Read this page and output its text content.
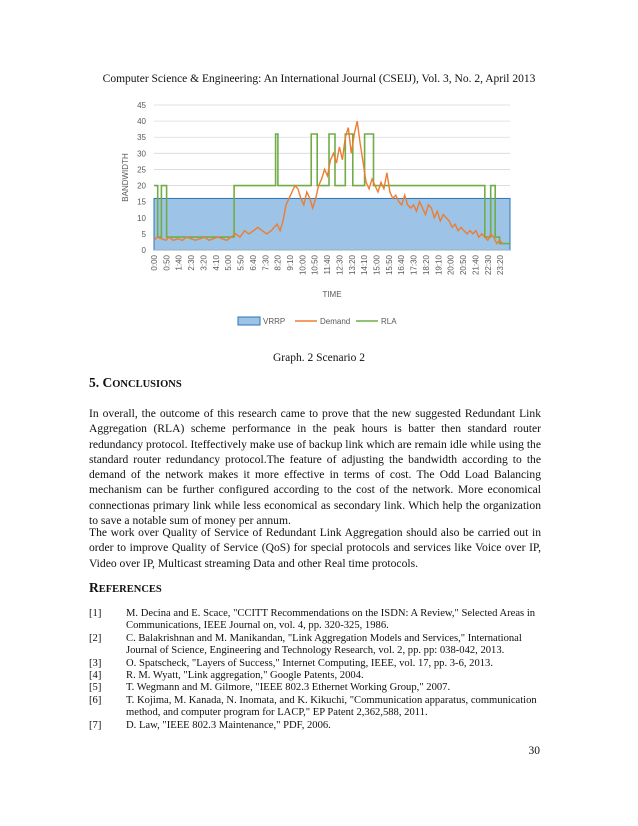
Computer Science & Engineering: An International Journal (CSEIJ), Vol. 3, No. 2, April 2013
0
5
10
15
20
25
30
35
40
45
BANDWIDTH
0:00 0:50 1:40 2:30 3:20 4:10 5:00 5:50 6:40 7:30 8:20 9:10 10:00 10:50 11:40 12:30 13:20 14:10 15:00 15:50 16:40 17:30 18:20 19:10 20:00 20:50 21:40 22:30 23:20
TIME
VRRP	Demand	RLA
Graph. 2 Scenario 2
5. CONCLUSIONS
In overall, the outcome of this research came to prove that the new suggested Redundant Link Aggregation (RLA) scheme performance in the peak hours is batter then standard router redundancy protocol. Iteffectively make use of backup link which are remain idle while using the standard router redundancy protocol.The feature of adjusting the bandwidth according to the demand of the network makes it more effective in terms of cost. The Odd Load Balancing mechanism can be further configured according to the cost of the network. More economical connectionas primary link while less economical as secondary link. Which help the organization to save a notable sum of money per annum.
The work over Quality of Service of Redundant Link Aggregation should also be carried out in order to improve Quality of Service (QoS) for special protocols and services like Voice over IP, Video over IP, Multicast streaming Data and other Real time protocols.
REFERENCES
[1]	M. Decina and E. Scace, "CCITT Recommendations on the ISDN: A Review," Selected Areas in Communications, IEEE Journal on, vol. 4, pp. 320-325, 1986.
[2]	C. Balakrishnan and M. Manikandan, "Link Aggregation Models and Services," International Journal of Science, Engineering and Technology Research, vol. 2, pp. pp: 038-042, 2013.
[3]	O. Spatscheck, "Layers of Success," Internet Computing, IEEE, vol. 17, pp. 3-6, 2013.
[4]	R. M. Wyatt, "Link aggregation," Google Patents, 2004.
[5]	T. Wegmann and M. Gilmore, "IEEE 802.3 Ethernet Working Group," 2007.
[6]	T. Kojima, M. Kanada, N. Inomata, and K. Kikuchi, "Communication apparatus, communication method, and computer program for LACP," EP Patent 2,362,588, 2011.
[7]	D. Law, "IEEE 802.3 Maintenance," PDF, 2006.
30
